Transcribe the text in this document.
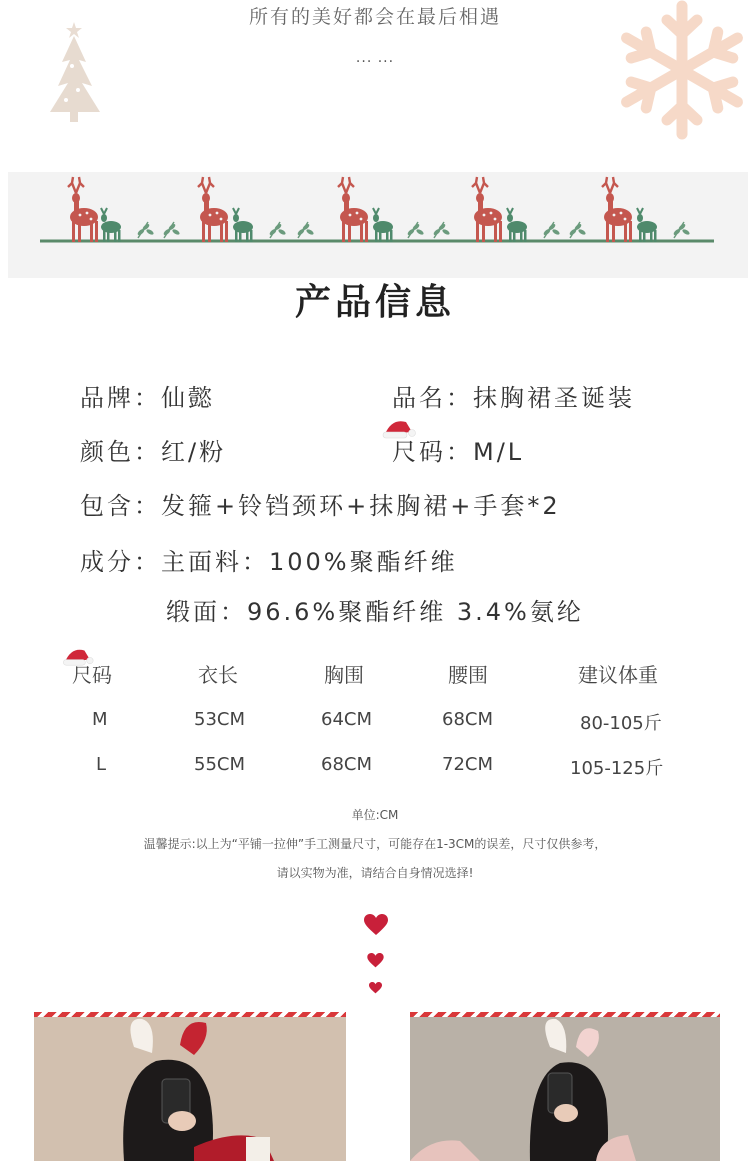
所有的美好都会在最后相遇
··· ···
产品信息
品牌：仙懿	品名：抹胸裙圣诞装
颜色：红/粉	尺码：M/L
包含：发箍+铃铛颈环+抹胸裙+手套*2
成分：主面料：100%聚酯纤维
缎面：96.6%聚酯纤维 3.4%氨纶
尺码	衣长	胸围	腰围	建议体重
M	53CM	64CM	68CM	80-105斤
L	55CM	68CM	72CM	105-125斤
单位:CM
温馨提示:以上为“平铺一拉伸”手工测量尺寸，可能存在1-3CM的误差，尺寸仅供参考，
请以实物为准，请结合自身情况选择!
